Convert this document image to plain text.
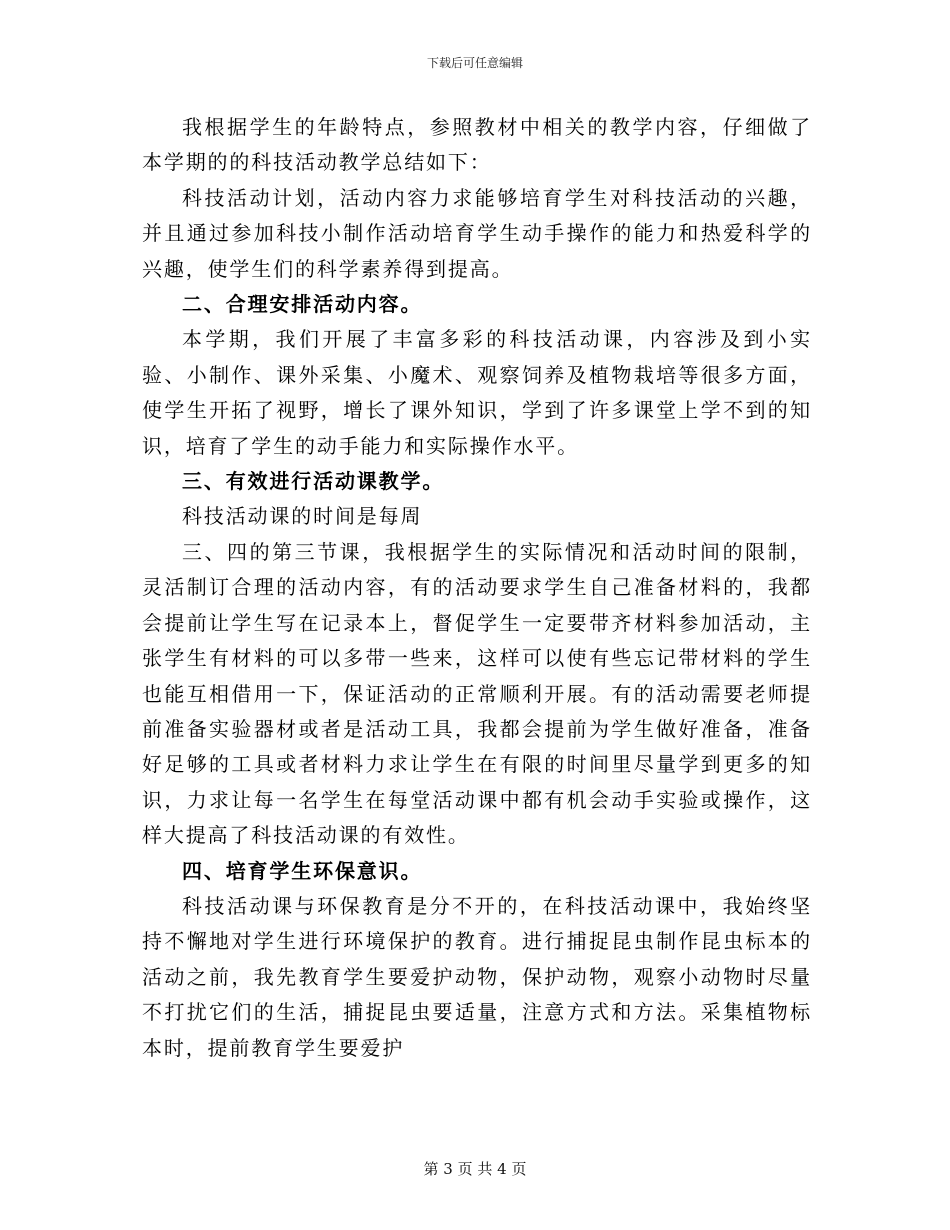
下载后可任意编辑

我根据学生的年龄特点，参照教材中相关的教学内容，仔细做了本学期的的科技活动教学总结如下：

科技活动计划，活动内容力求能够培育学生对科技活动的兴趣，并且通过参加科技小制作活动培育学生动手操作的能力和热爱科学的兴趣，使学生们的科学素养得到提高。

二、合理安排活动内容。

本学期，我们开展了丰富多彩的科技活动课，内容涉及到小实验、小制作、课外采集、小魔术、观察饲养及植物栽培等很多方面，使学生开拓了视野，增长了课外知识，学到了许多课堂上学不到的知识，培育了学生的动手能力和实际操作水平。

三、有效进行活动课教学。

科技活动课的时间是每周

三、四的第三节课，我根据学生的实际情况和活动时间的限制，灵活制订合理的活动内容，有的活动要求学生自己准备材料的，我都会提前让学生写在记录本上，督促学生一定要带齐材料参加活动，主张学生有材料的可以多带一些来，这样可以使有些忘记带材料的学生也能互相借用一下，保证活动的正常顺利开展。有的活动需要老师提前准备实验器材或者是活动工具，我都会提前为学生做好准备，准备好足够的工具或者材料力求让学生在有限的时间里尽量学到更多的知识，力求让每一名学生在每堂活动课中都有机会动手实验或操作，这样大提高了科技活动课的有效性。

四、培育学生环保意识。

科技活动课与环保教育是分不开的，在科技活动课中，我始终坚持不懈地对学生进行环境保护的教育。进行捕捉昆虫制作昆虫标本的活动之前，我先教育学生要爱护动物，保护动物，观察小动物时尽量不打扰它们的生活，捕捉昆虫要适量，注意方式和方法。采集植物标本时，提前教育学生要爱护

第 3 页 共 4 页
